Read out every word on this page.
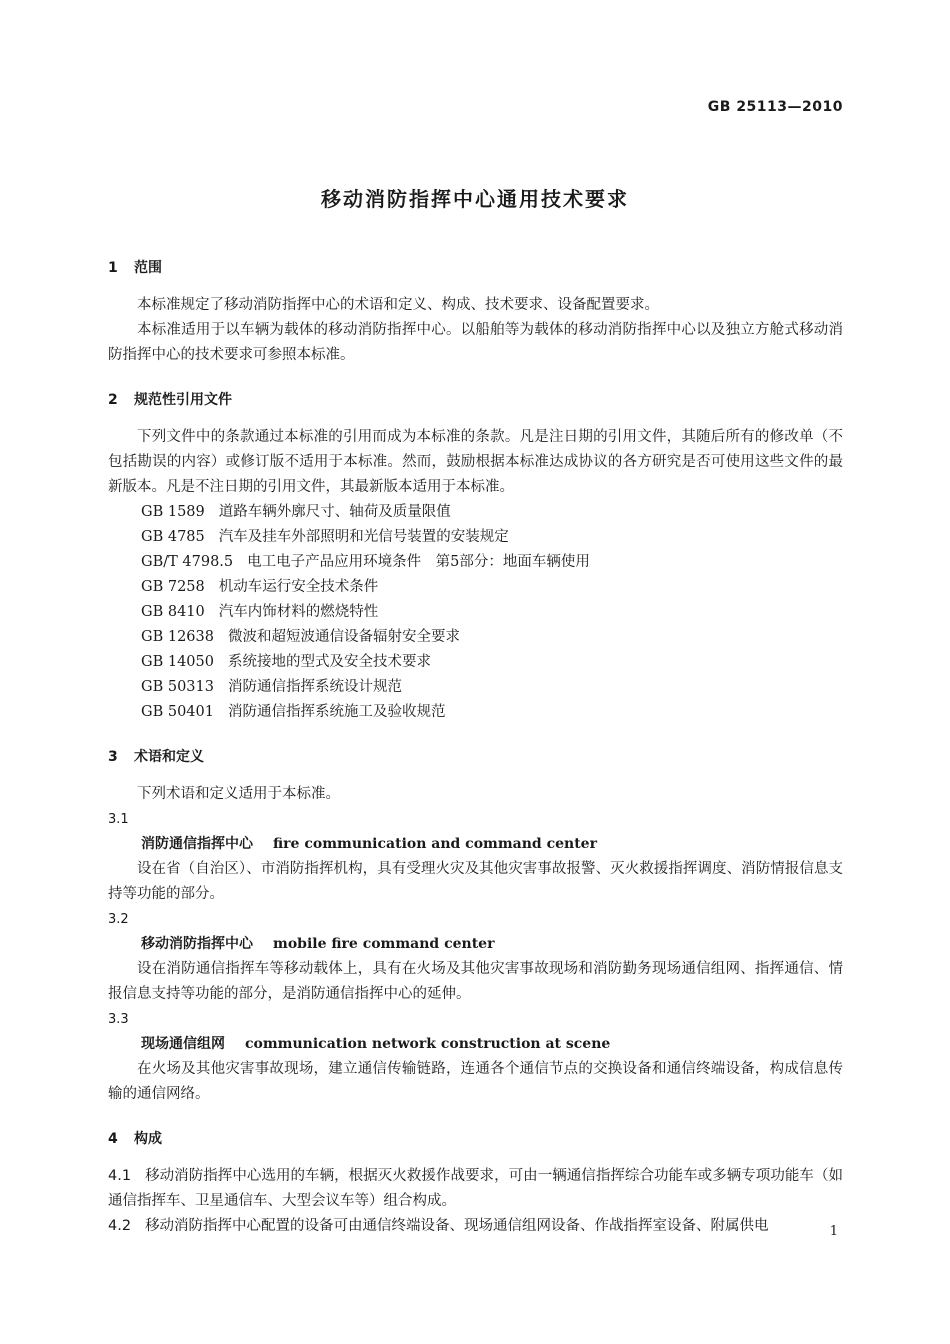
GB 25113—2010
移动消防指挥中心通用技术要求
1 范围
本标准规定了移动消防指挥中心的术语和定义、构成、技术要求、设备配置要求。
本标准适用于以车辆为载体的移动消防指挥中心。以船舶等为载体的移动消防指挥中心以及独立方舱式移动消防指挥中心的技术要求可参照本标准。
2 规范性引用文件
下列文件中的条款通过本标准的引用而成为本标准的条款。凡是注日期的引用文件，其随后所有的修改单（不包括勘误的内容）或修订版不适用于本标准。然而，鼓励根据本标准达成协议的各方研究是否可使用这些文件的最新版本。凡是不注日期的引用文件，其最新版本适用于本标准。
GB 1589 道路车辆外廓尺寸、轴荷及质量限值
GB 4785 汽车及挂车外部照明和光信号装置的安装规定
GB/T 4798.5 电工电子产品应用环境条件　第5部分：地面车辆使用
GB 7258 机动车运行安全技术条件
GB 8410 汽车内饰材料的燃烧特性
GB 12638 微波和超短波通信设备辐射安全要求
GB 14050 系统接地的型式及安全技术要求
GB 50313 消防通信指挥系统设计规范
GB 50401 消防通信指挥系统施工及验收规范
3 术语和定义
下列术语和定义适用于本标准。
3.1
消防通信指挥中心 fire communication and command center
设在省（自治区）、市消防指挥机构，具有受理火灾及其他灾害事故报警、灭火救援指挥调度、消防情报信息支持等功能的部分。
3.2
移动消防指挥中心 mobile fire command center
设在消防通信指挥车等移动载体上，具有在火场及其他灾害事故现场和消防勤务现场通信组网、指挥通信、情报信息支持等功能的部分，是消防通信指挥中心的延伸。
3.3
现场通信组网 communication network construction at scene
在火场及其他灾害事故现场，建立通信传输链路，连通各个通信节点的交换设备和通信终端设备，构成信息传输的通信网络。
4 构成
4.1 移动消防指挥中心选用的车辆，根据灭火救援作战要求，可由一辆通信指挥综合功能车或多辆专项功能车（如通信指挥车、卫星通信车、大型会议车等）组合构成。
4.2 移动消防指挥中心配置的设备可由通信终端设备、现场通信组网设备、作战指挥室设备、附属供电	1
